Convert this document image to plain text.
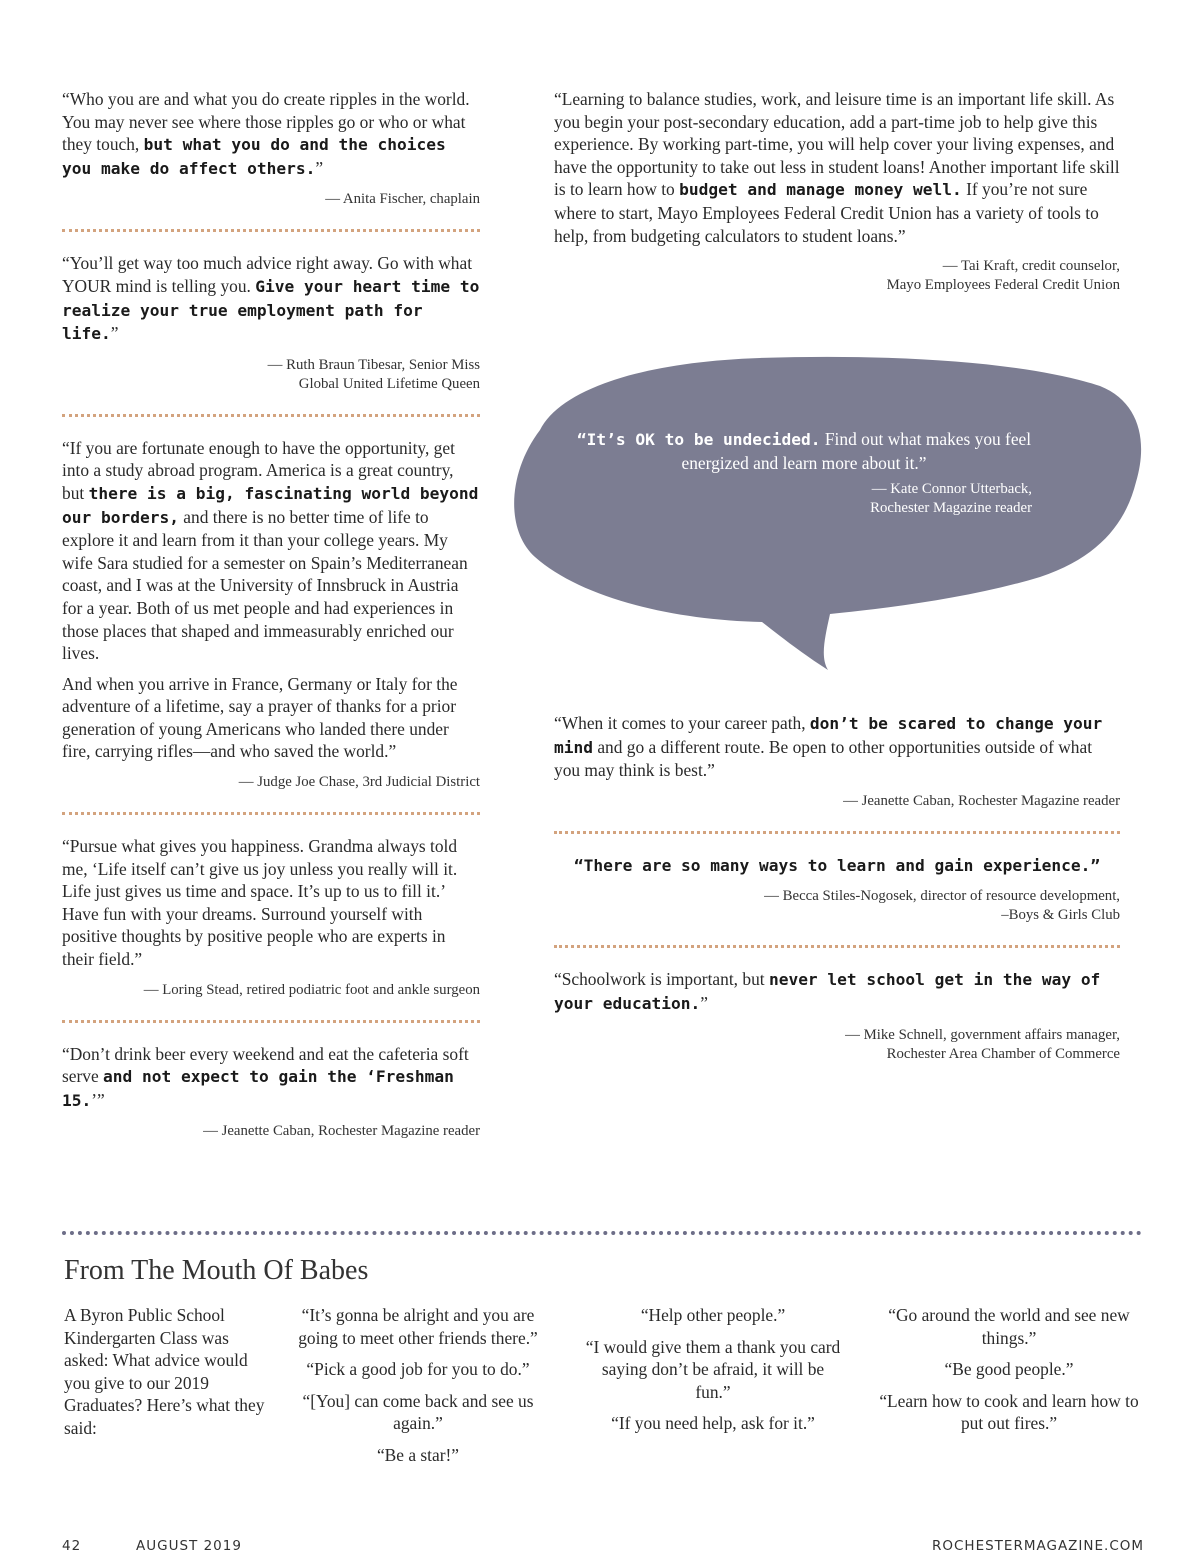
“Who you are and what you do create ripples in the world. You may never see where those ripples go or who or what they touch, but what you do and the choices you make do affect others.”
— Anita Fischer, chaplain
“You’ll get way too much advice right away. Go with what YOUR mind is telling you. Give your heart time to realize your true employment path for life.”
— Ruth Braun Tibesar, Senior Miss
Global United Lifetime Queen

“If you are fortunate enough to have the opportunity, get into a study abroad program. America is a great country, but there is a big, fascinating world beyond our borders, and there is no better time of life to explore it and learn from it than your college years. My wife Sara studied for a semester on Spain’s Mediterranean coast, and I was at the University of Innsbruck in Austria for a year. Both of us met people and had experiences in those places that shaped and immeasurably enriched our lives.

And when you arrive in France, Germany or Italy for the adventure of a lifetime, say a prayer of thanks for a prior generation of young Americans who landed there under fire, carrying rifles—and who saved the world.”

— Judge Joe Chase, 3rd Judicial District
“Pursue what gives you happiness. Grandma always told me, ‘Life itself can’t give us joy unless you really will it. Life just gives us time and space. It’s up to us to fill it.’ Have fun with your dreams. Surround yourself with positive thoughts by positive people who are experts in their field.”
— Loring Stead, retired podiatric foot and ankle surgeon
“Don’t drink beer every weekend and eat the cafeteria soft serve and not expect to gain the ‘Freshman 15.’”
— Jeanette Caban, Rochester Magazine reader
“Learning to balance studies, work, and leisure time is an important life skill. As you begin your post-secondary education, add a part-time job to help give this experience. By working part-time, you will help cover your living expenses, and have the opportunity to take out less in student loans! Another important life skill is to learn how to budget and manage money well. If you’re not sure where to start, Mayo Employees Federal Credit Union has a variety of tools to help, from budgeting calculators to student loans.”
— Tai Kraft, credit counselor,
Mayo Employees Federal Credit Union
“It’s OK to be undecided. Find out what makes you feel energized and learn more about it.”
— Kate Connor Utterback,
Rochester Magazine reader
“When it comes to your career path, don’t be scared to change your mind and go a different route. Be open to other opportunities outside of what you may think is best.”
— Jeanette Caban, Rochester Magazine reader
“There are so many ways to learn and gain experience.”
— Becca Stiles-Nogosek, director of resource development,
–Boys & Girls Club
“Schoolwork is important, but never let school get in the way of your education.”
— Mike Schnell, government affairs manager,
Rochester Area Chamber of Commerce
From The Mouth Of Babes
A Byron Public School Kindergarten Class was asked: What advice would you give to our 2019 Graduates? Here’s what they said:

“It’s gonna be alright and you are going to meet other friends there.”

“Pick a good job for you to do.”

“[You] can come back and see us again.”

“Be a star!”

“Help other people.”

“I would give them a thank you card saying don’t be afraid, it will be fun.”

“If you need help, ask for it.”

“Go around the world and see new things.”

“Be good people.”

“Learn how to cook and learn how to put out fires.”

42	AUGUST 2019	ROCHESTERMAGAZINE.COM
